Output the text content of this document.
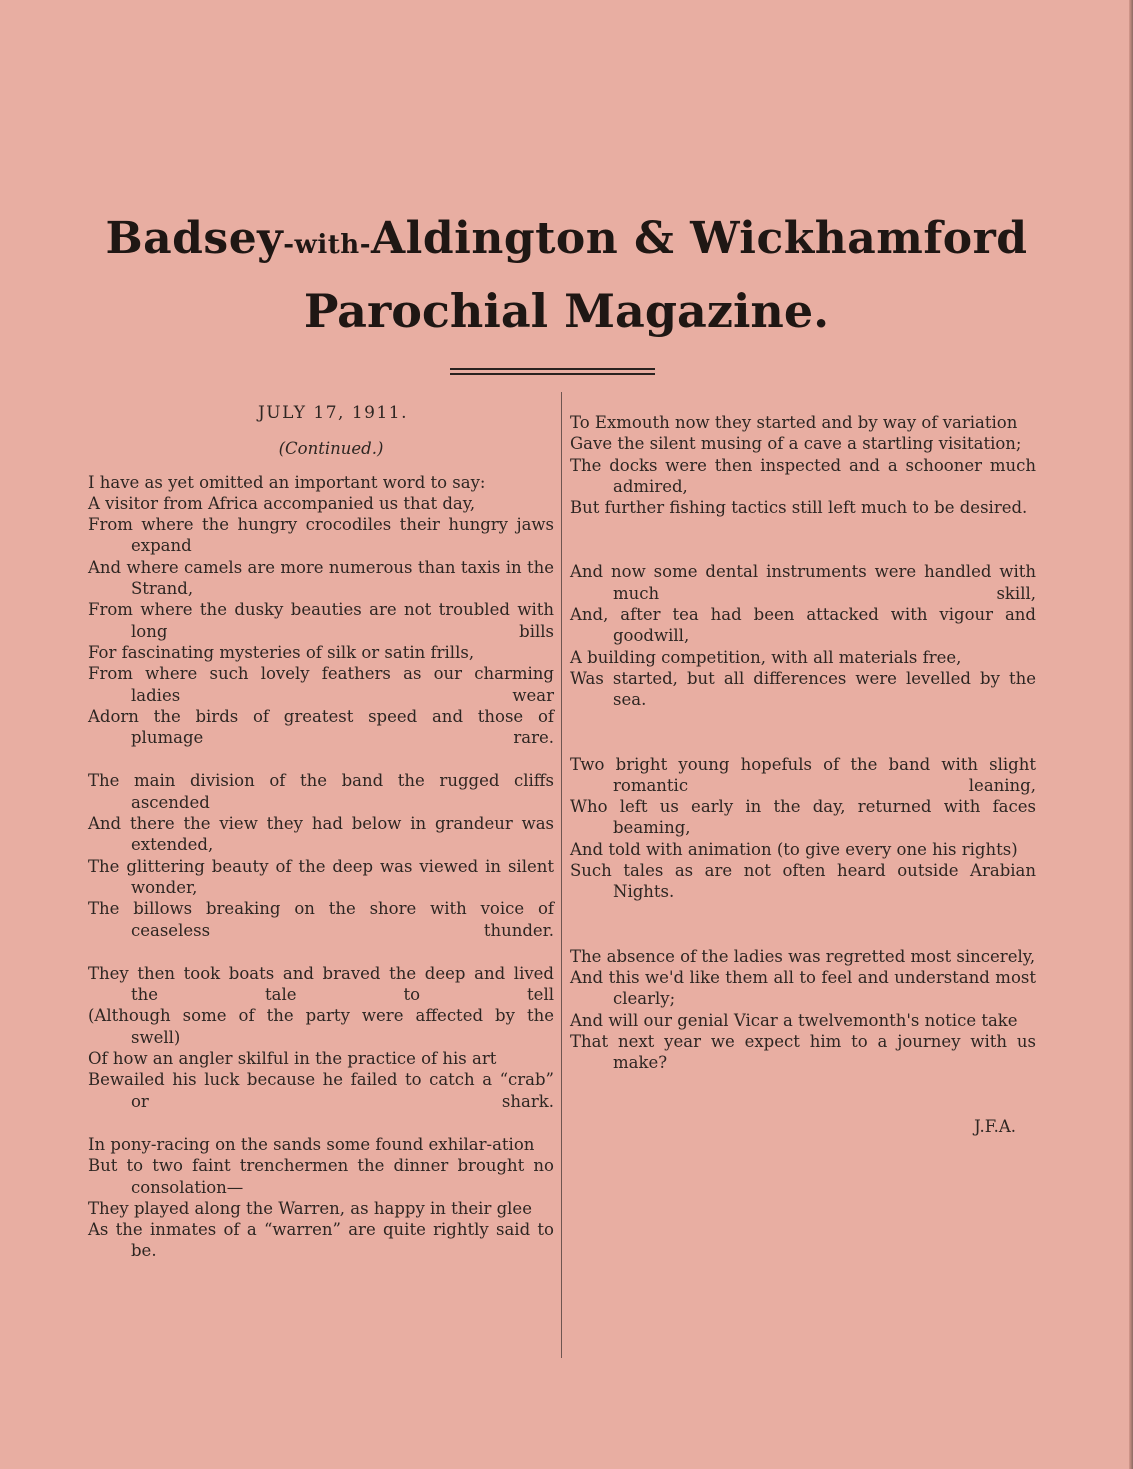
Badsey-with-Aldington & Wickhamford
Parochial Magazine.
JULY 17, 1911.
(Continued.)
I have as yet omitted an important word to say:
A visitor from Africa accompanied us that day,
From where the hungry crocodiles their hungry jaws expand
And where camels are more numerous than taxis in the Strand,
From where the dusky beauties are not troubled with long bills
For fascinating mysteries of silk or satin frills,
From where such lovely feathers as our charming ladies wear
Adorn the birds of greatest speed and those of plumage rare.
The main division of the band the rugged cliffs ascended
And there the view they had below in grandeur was extended,
The glittering beauty of the deep was viewed in silent wonder,
The billows breaking on the shore with voice of ceaseless thunder.
They then took boats and braved the deep and lived the tale to tell
(Although some of the party were affected by the swell)
Of how an angler skilful in the practice of his art
Bewailed his luck because he failed to catch a “crab” or shark.
In pony-racing on the sands some found exhilar-ation
But to two faint trenchermen the dinner brought no consolation—
They played along the Warren, as happy in their glee
As the inmates of a “warren” are quite rightly said to be.
To Exmouth now they started and by way of variation
Gave the silent musing of a cave a startling visitation;
The docks were then inspected and a schooner much admired,
But further fishing tactics still left much to be desired.
And now some dental instruments were handled with much skill,
And, after tea had been attacked with vigour and goodwill,
A building competition, with all materials free,
Was started, but all differences were levelled by the sea.
Two bright young hopefuls of the band with slight romantic leaning,
Who left us early in the day, returned with faces beaming,
And told with animation (to give every one his rights)
Such tales as are not often heard outside Arabian Nights.
The absence of the ladies was regretted most sincerely,
And this we'd like them all to feel and understand most clearly;
And will our genial Vicar a twelvemonth's notice take
That next year we expect him to a journey with us make?
J.F.A.
